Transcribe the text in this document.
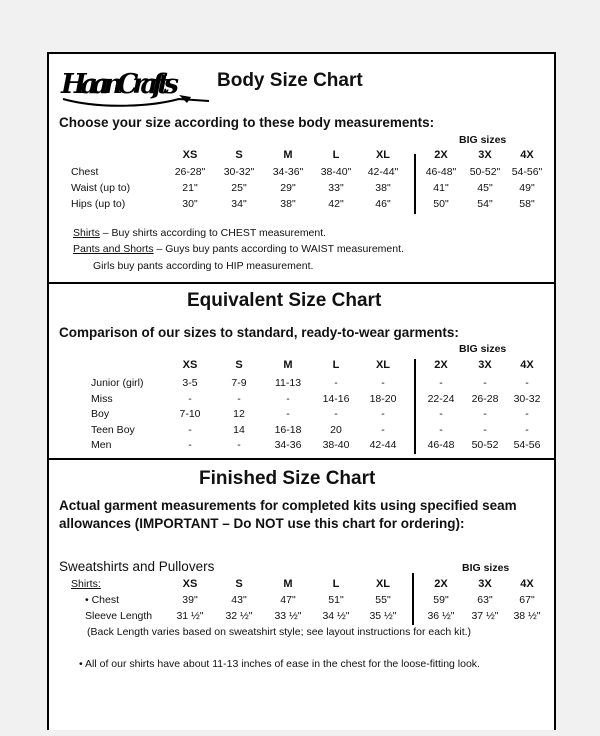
HaanCrafts Body Size Chart
Choose your size according to these body measurements:
BIG sizes
XS	S	M	L	XL	2X	3X	4X
Chest	26-28" 30-32" 34-36" 38-40" 42-44"	46-48" 50-52" 54-56"
Waist (up to)	21"	25"	29"	33"	38"	41"	45"	49"
Hips (up to)	30"	34"	38"	42"	46"	50"	54"	58"
Shirts – Buy shirts according to CHEST measurement.
Pants and Shorts – Guys buy pants according to WAIST measurement.
Girls buy pants according to HIP measurement.
Equivalent Size Chart
Comparison of our sizes to standard, ready-to-wear garments:
BIG sizes
XS	S	M	L	XL	2X	3X	4X
Junior (girl)	3-5	7-9	11-13	-	-	-	-	-
Miss	-	-	-	14-16 18-20	22-24 26-28 30-32
Boy	7-10	12	-	-	-	-	-	-
Teen Boy	-	14	16-18	20	-	-	-	-
Men	-	-	34-36 38-40 42-44	46-48 50-52 54-56
Finished Size Chart
Actual garment measurements for completed kits using specified seam
allowances (IMPORTANT – Do NOT use this chart for ordering):
Sweatshirts and Pullovers	BIG sizes
Shirts:	XS	S	M	L	XL	2X	3X	4X
• Chest	39"	43"	47"	51"	55"	59"	63"	67"
Sleeve Length 31 ½" 32 ½" 33 ½" 34 ½" 35 ½"	36 ½" 37 ½" 38 ½"
(Back Length varies based on sweatshirt style; see layout instructions for each kit.)
• All of our shirts have about 11-13 inches of ease in the chest for the loose-fitting look.
